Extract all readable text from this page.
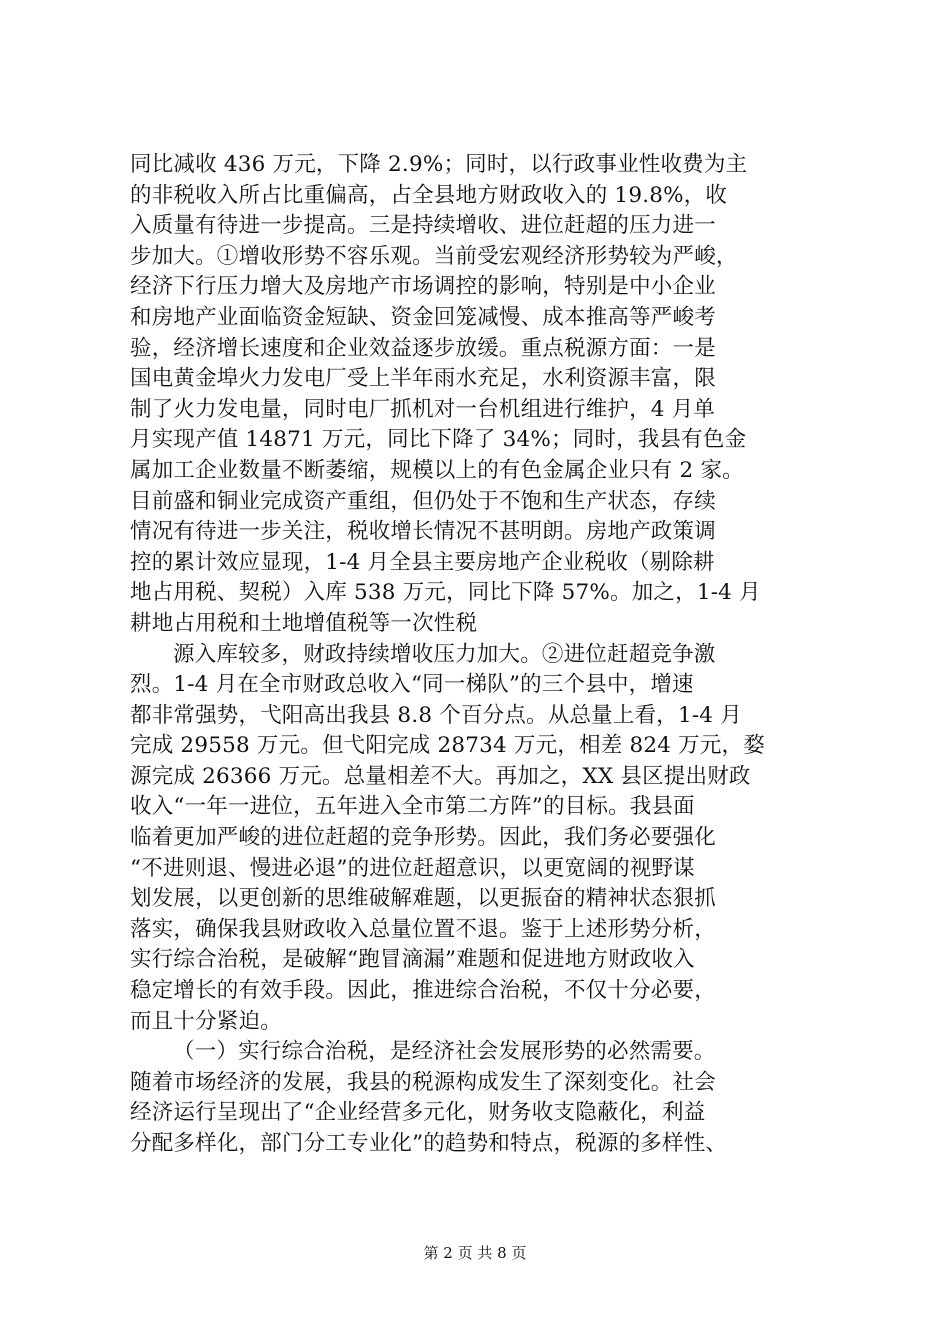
同比减收 436 万元，下降 2.9%；同时，以行政事业性收费为主
的非税收入所占比重偏高，占全县地方财政收入的 19.8%，收
入质量有待进一步提高。三是持续增收、进位赶超的压力进一
步加大。①增收形势不容乐观。当前受宏观经济形势较为严峻，
经济下行压力增大及房地产市场调控的影响，特别是中小企业
和房地产业面临资金短缺、资金回笼减慢、成本推高等严峻考
验，经济增长速度和企业效益逐步放缓。重点税源方面：一是
国电黄金埠火力发电厂受上半年雨水充足，水利资源丰富，限
制了火力发电量，同时电厂抓机对一台机组进行维护，4 月单
月实现产值 14871 万元，同比下降了 34%；同时，我县有色金
属加工企业数量不断萎缩，规模以上的有色金属企业只有 2 家。
目前盛和铜业完成资产重组，但仍处于不饱和生产状态，存续
情况有待进一步关注，税收增长情况不甚明朗。房地产政策调
控的累计效应显现，1-4 月全县主要房地产企业税收（剔除耕
地占用税、契税）入库 538 万元，同比下降 57%。加之，1-4 月
耕地占用税和土地增值税等一次性税
源入库较多，财政持续增收压力加大。②进位赶超竞争激
烈。1-4 月在全市财政总收入“同一梯队”的三个县中，增速
都非常强势，弋阳高出我县 8.8 个百分点。从总量上看，1-4 月
完成 29558 万元。但弋阳完成 28734 万元，相差 824 万元，婺
源完成 26366 万元。总量相差不大。再加之，XX 县区提出财政
收入“一年一进位，五年进入全市第二方阵”的目标。我县面
临着更加严峻的进位赶超的竞争形势。因此，我们务必要强化
“不进则退、慢进必退”的进位赶超意识，以更宽阔的视野谋
划发展，以更创新的思维破解难题，以更振奋的精神状态狠抓
落实，确保我县财政收入总量位置不退。鉴于上述形势分析，
实行综合治税，是破解“跑冒滴漏”难题和促进地方财政收入
稳定增长的有效手段。因此，推进综合治税，不仅十分必要，
而且十分紧迫。
（一）实行综合治税，是经济社会发展形势的必然需要。
随着市场经济的发展，我县的税源构成发生了深刻变化。社会
经济运行呈现出了“企业经营多元化，财务收支隐蔽化，利益
分配多样化，部门分工专业化”的趋势和特点，税源的多样性、
第 2 页 共 8 页
